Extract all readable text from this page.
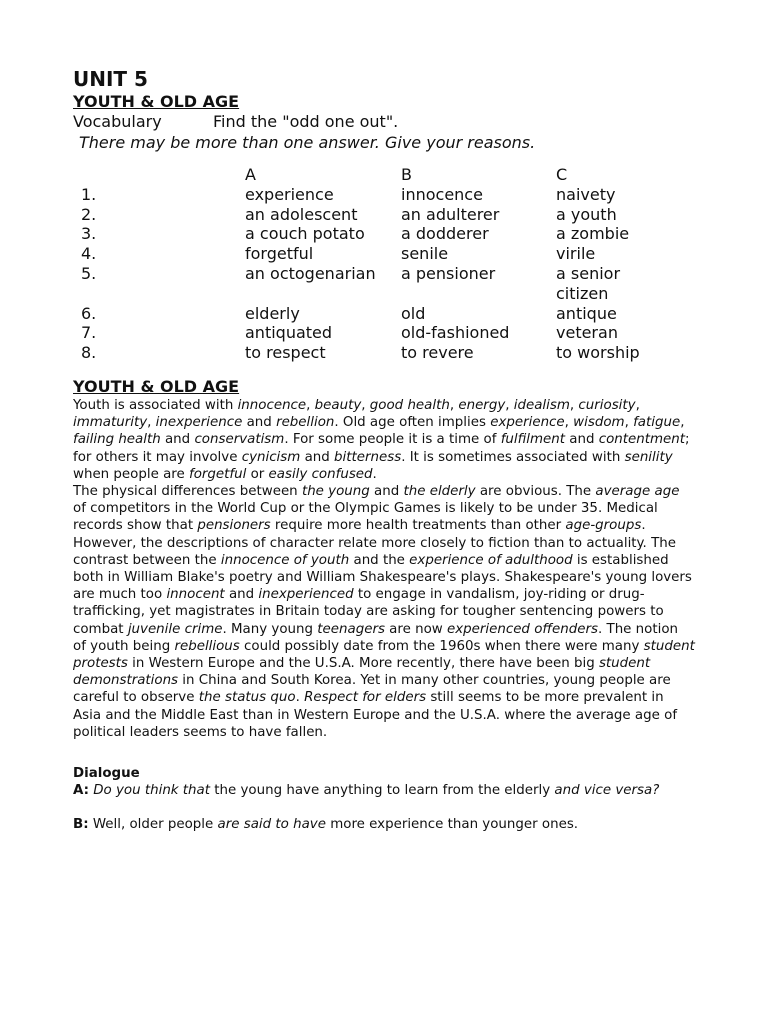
UNIT 5
YOUTH & OLD AGE
Vocabulary	Find the "odd one out".
There may be more than one answer. Give your reasons.
	A	B	C
1.	experience	innocence	naivety
2.	an adolescent	an adulterer	a youth
3.	a couch potato	a dodderer	a zombie
4.	forgetful	senile	virile
5.	an octogenarian	a pensioner	a senior citizen
6.	elderly	old	antique
7.	antiquated	old-fashioned	veteran
8.	to respect	to revere	to worship
YOUTH & OLD AGE

Youth is associated with innocence, beauty, good health, energy, idealism, curiosity, immaturity, inexperience and rebellion. Old age often implies experience, wisdom, fatigue, failing health and conservatism. For some people it is a time of fulfilment and contentment; for others it may involve cynicism and bitterness. It is sometimes associated with senility when people are forgetful or easily confused.

The physical differences between the young and the elderly are obvious. The average age of competitors in the World Cup or the Olympic Games is likely to be under 35. Medical records show that pensioners require more health treatments than other age-groups.

However, the descriptions of character relate more closely to fiction than to actuality. The contrast between the innocence of youth and the experience of adulthood is established both in William Blake's poetry and William Shakespeare's plays. Shakespeare's young lovers are much too innocent and inexperienced to engage in vandalism, joy-riding or drug-trafficking, yet magistrates in Britain today are asking for tougher sentencing powers to combat juvenile crime. Many young teenagers are now experienced offenders. The notion of youth being rebellious could possibly date from the 1960s when there were many student protests in Western Europe and the U.S.A. More recently, there have been big student demonstrations in China and South Korea. Yet in many other countries, young people are careful to observe the status quo. Respect for elders still seems to be more prevalent in Asia and the Middle East than in Western Europe and the U.S.A. where the average age of political leaders seems to have fallen.

Dialogue

A: Do you think that the young have anything to learn from the elderly and vice versa?

B: Well, older people are said to have more experience than younger ones.
